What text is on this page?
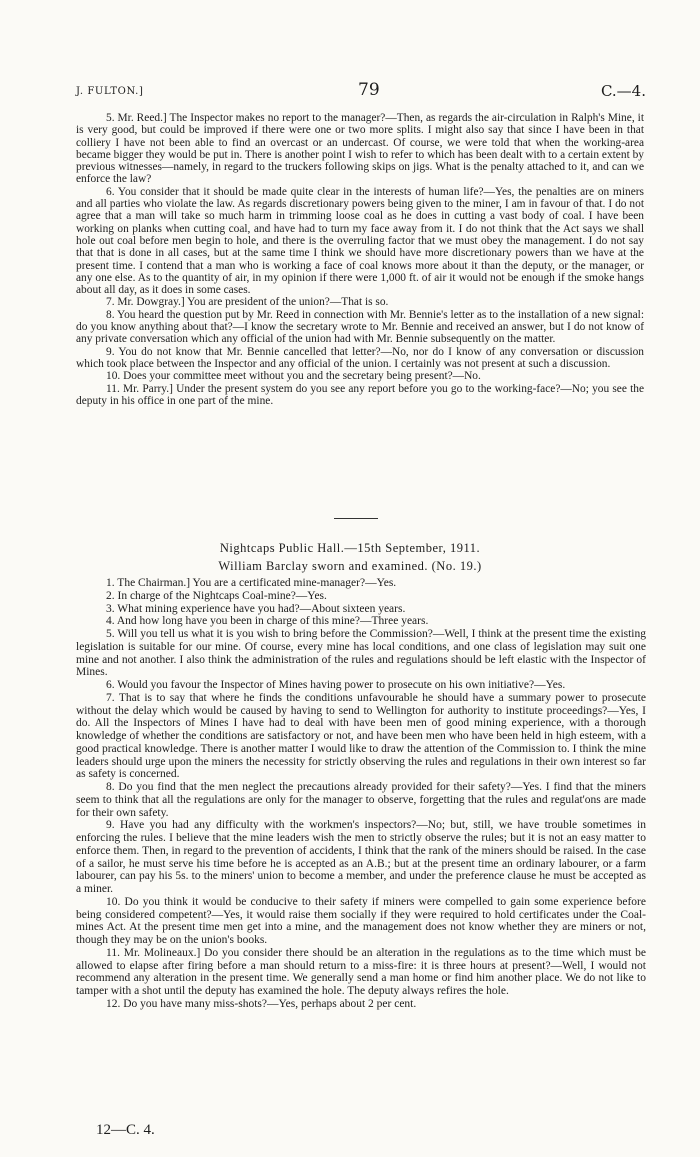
J. FULTON.]	79	C.—4.

5. Mr. Reed.] The Inspector makes no report to the manager?—Then, as regards the air-circulation in Ralph's Mine, it is very good, but could be improved if there were one or two more splits. I might also say that since I have been in that colliery I have not been able to find an overcast or an undercast. Of course, we were told that when the working-area became bigger they would be put in. There is another point I wish to refer to which has been dealt with to a certain extent by previous witnesses—namely, in regard to the truckers following skips on jigs. What is the penalty attached to it, and can we enforce the law?

6. You consider that it should be made quite clear in the interests of human life?—Yes, the penalties are on miners and all parties who violate the law. As regards discretionary powers being given to the miner, I am in favour of that. I do not agree that a man will take so much harm in trimming loose coal as he does in cutting a vast body of coal. I have been working on planks when cutting coal, and have had to turn my face away from it. I do not think that the Act says we shall hole out coal before men begin to hole, and there is the overruling factor that we must obey the management. I do not say that that is done in all cases, but at the same time I think we should have more discretionary powers than we have at the present time. I contend that a man who is working a face of coal knows more about it than the deputy, or the manager, or any one else. As to the quantity of air, in my opinion if there were 1,000 ft. of air it would not be enough if the smoke hangs about all day, as it does in some cases.

7. Mr. Dowgray.] You are president of the union?—That is so.

8. You heard the question put by Mr. Reed in connection with Mr. Bennie's letter as to the installation of a new signal: do you know anything about that?—I know the secretary wrote to Mr. Bennie and received an answer, but I do not know of any private conversation which any official of the union had with Mr. Bennie subsequently on the matter.

9. You do not know that Mr. Bennie cancelled that letter?—No, nor do I know of any conversation or discussion which took place between the Inspector and any official of the union. I certainly was not present at such a discussion.

10. Does your committee meet without you and the secretary being present?—No.

11. Mr. Parry.] Under the present system do you see any report before you go to the working-face?—No; you see the deputy in his office in one part of the mine.

Nightcaps Public Hall.—15th September, 1911.
William Barclay sworn and examined. (No. 19.)

1. The Chairman.] You are a certificated mine-manager?—Yes.

2. In charge of the Nightcaps Coal-mine?—Yes.

3. What mining experience have you had?—About sixteen years.

4. And how long have you been in charge of this mine?—Three years.

5. Will you tell us what it is you wish to bring before the Commission?—Well, I think at the present time the existing legislation is suitable for our mine. Of course, every mine has local conditions, and one class of legislation may suit one mine and not another. I also think the administration of the rules and regulations should be left elastic with the Inspector of Mines.

6. Would you favour the Inspector of Mines having power to prosecute on his own initiative?—Yes.

7. That is to say that where he finds the conditions unfavourable he should have a summary power to prosecute without the delay which would be caused by having to send to Wellington for authority to institute proceedings?—Yes, I do. All the Inspectors of Mines I have had to deal with have been men of good mining experience, with a thorough knowledge of whether the conditions are satisfactory or not, and have been men who have been held in high esteem, with a good practical knowledge. There is another matter I would like to draw the attention of the Commission to. I think the mine leaders should urge upon the miners the necessity for strictly observing the rules and regulations in their own interest so far as safety is concerned.

8. Do you find that the men neglect the precautions already provided for their safety?—Yes. I find that the miners seem to think that all the regulations are only for the manager to observe, forgetting that the rules and regulat'ons are made for their own safety.

9. Have you had any difficulty with the workmen's inspectors?—No; but, still, we have trouble sometimes in enforcing the rules. I believe that the mine leaders wish the men to strictly observe the rules; but it is not an easy matter to enforce them. Then, in regard to the prevention of accidents, I think that the rank of the miners should be raised. In the case of a sailor, he must serve his time before he is accepted as an A.B.; but at the present time an ordinary labourer, or a farm labourer, can pay his 5s. to the miners' union to become a member, and under the preference clause he must be accepted as a miner.

10. Do you think it would be conducive to their safety if miners were compelled to gain some experience before being considered competent?—Yes, it would raise them socially if they were required to hold certificates under the Coal-mines Act. At the present time men get into a mine, and the management does not know whether they are miners or not, though they may be on the union's books.

11. Mr. Molineaux.] Do you consider there should be an alteration in the regulations as to the time which must be allowed to elapse after firing before a man should return to a miss-fire: it is three hours at present?—Well, I would not recommend any alteration in the present time. We generally send a man home or find him another place. We do not like to tamper with a shot until the deputy has examined the hole. The deputy always refires the hole.

12. Do you have many miss-shots?—Yes, perhaps about 2 per cent.

12—C. 4.
